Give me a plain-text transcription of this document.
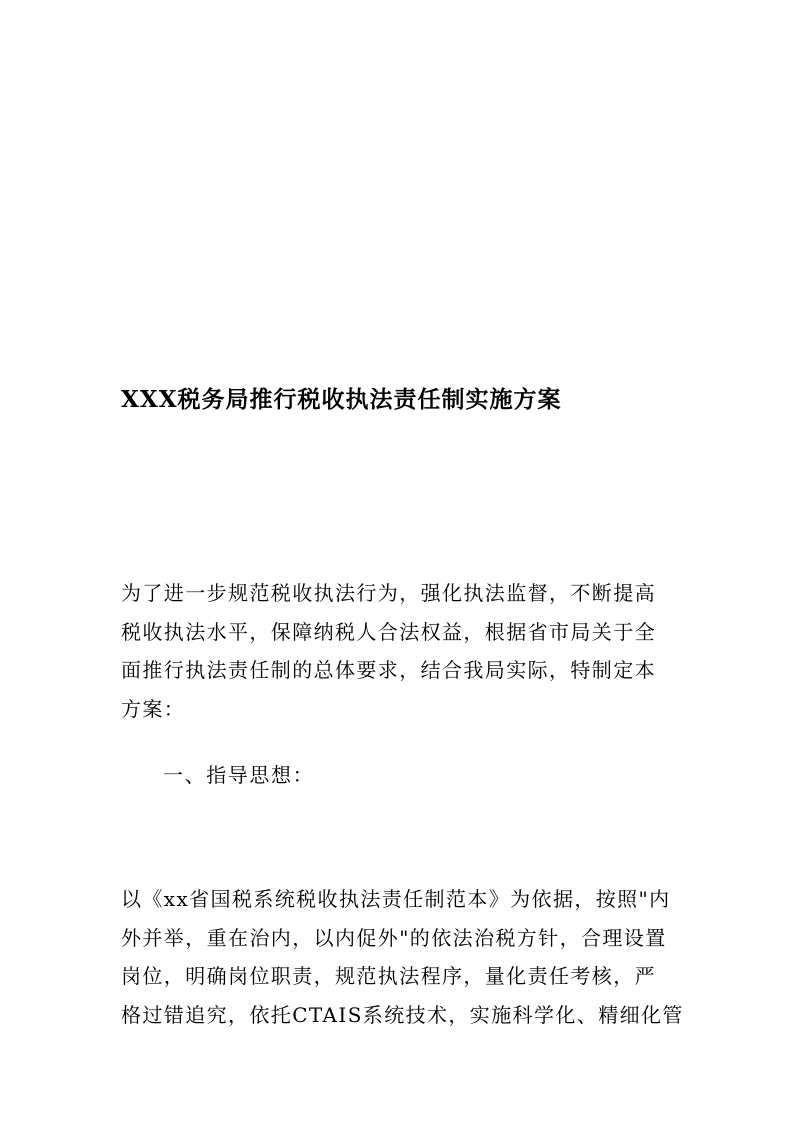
XXX税务局推行税收执法责任制实施方案
为了进一步规范税收执法行为，强化执法监督，不断提高
税收执法水平，保障纳税人合法权益，根据省市局关于全
面推行执法责任制的总体要求，结合我局实际，特制定本
方案：
一、指导思想：
以《xx省国税系统税收执法责任制范本》为依据，按照"内
外并举，重在治内，以内促外"的依法治税方针，合理设置
岗位，明确岗位职责，规范执法程序，量化责任考核，严
格过错追究，依托CTAIS系统技术，实施科学化、精细化管
